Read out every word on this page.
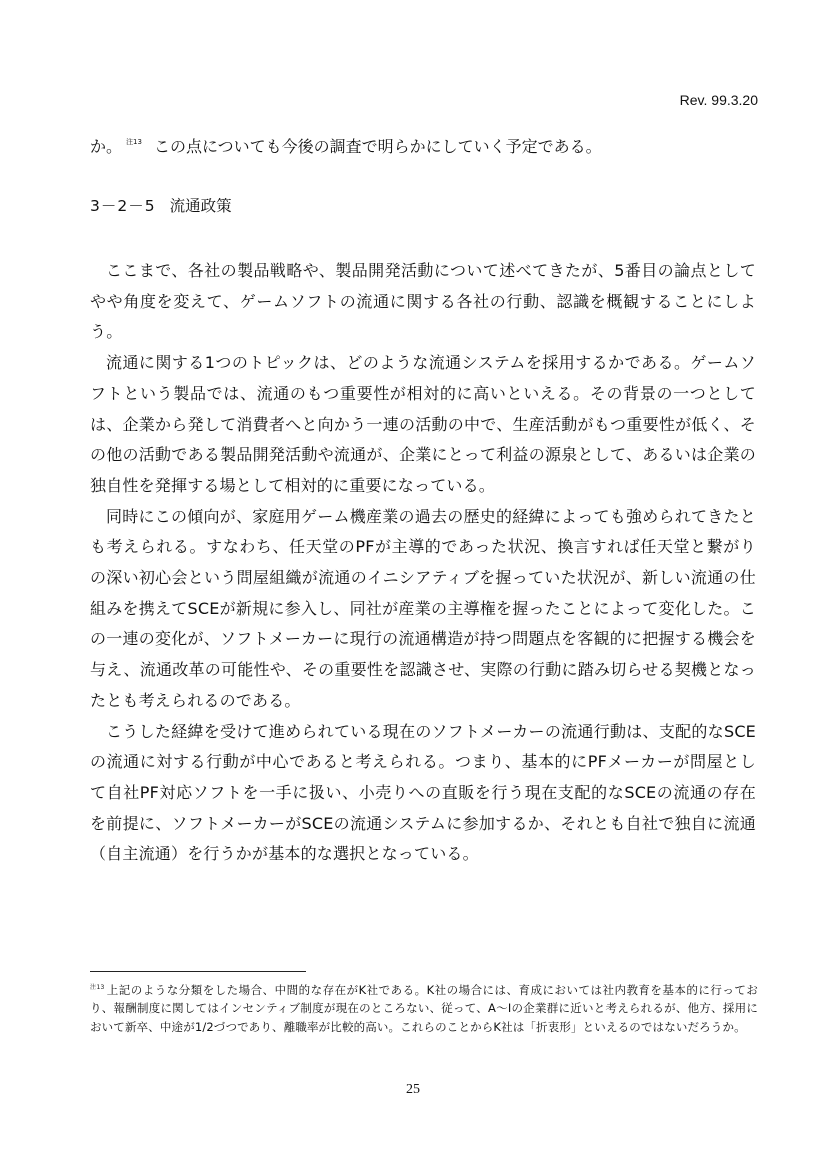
Rev. 99.3.20
か。 $^{注13}$ この点についても今後の調査で明らかにしていく予定である。
3－2－5 流通政策

ここまで、各社の製品戦略や、製品開発活動について述べてきたが、5番目の論点としてやや角度を変えて、ゲームソフトの流通に関する各社の行動、認識を概観することにしよう。

流通に関する1つのトピックは、どのような流通システムを採用するかである。ゲームソフトという製品では、流通のもつ重要性が相対的に高いといえる。その背景の一つとしては、企業から発して消費者へと向かう一連の活動の中で、生産活動がもつ重要性が低く、その他の活動である製品開発活動や流通が、企業にとって利益の源泉として、あるいは企業の独自性を発揮する場として相対的に重要になっている。

同時にこの傾向が、家庭用ゲーム機産業の過去の歴史的経緯によっても強められてきたとも考えられる。すなわち、任天堂のPFが主導的であった状況、換言すれば任天堂と繋がりの深い初心会という問屋組織が流通のイニシアティブを握っていた状況が、新しい流通の仕組みを携えてSCEが新規に参入し、同社が産業の主導権を握ったことによって変化した。この一連の変化が、ソフトメーカーに現行の流通構造が持つ問題点を客観的に把握する機会を与え、流通改革の可能性や、その重要性を認識させ、実際の行動に踏み切らせる契機となったとも考えられるのである。

こうした経緯を受けて進められている現在のソフトメーカーの流通行動は、支配的なSCEの流通に対する行動が中心であると考えられる。つまり、基本的にPFメーカーが問屋として自社PF対応ソフトを一手に扱い、小売りへの直販を行う現在支配的なSCEの流通の存在を前提に、ソフトメーカーがSCEの流通システムに参加するか、それとも自社で独自に流通（自主流通）を行うかが基本的な選択となっている。

$^{注13}$ 上記のような分類をした場合、中間的な存在がK社である。K社の場合には、育成においては社内教育を基本的に行っており、報酬制度に関してはインセンティブ制度が現在のところない、従って、A～Iの企業群に近いと考えられるが、他方、採用において新卒、中途が1/2づつであり、離職率が比較的高い。これらのことからK社は「折衷形」といえるのではないだろうか。
25
